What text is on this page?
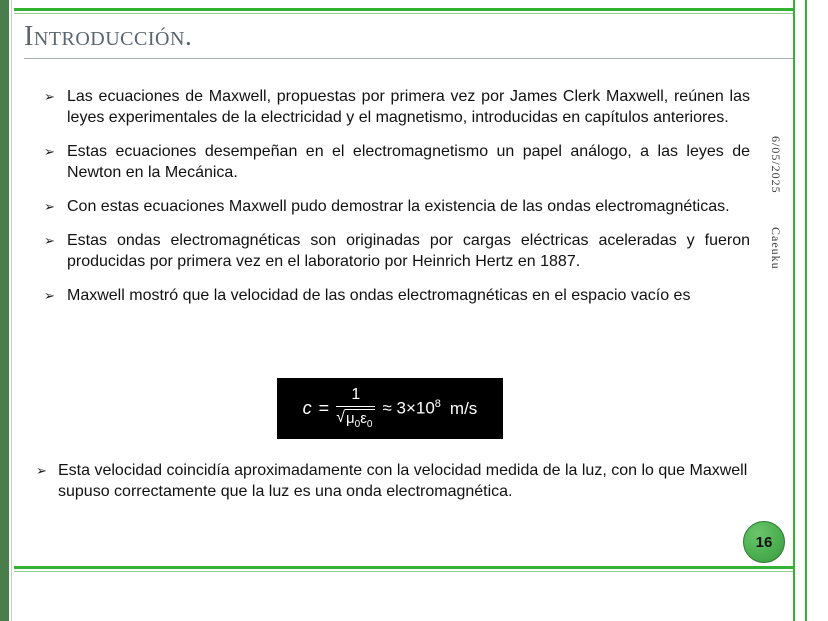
Introducción.
➢ Las ecuaciones de Maxwell, propuestas por primera vez por James Clerk Maxwell, reúnen las leyes experimentales de la electricidad y el magnetismo, introducidas en capítulos anteriores.
➢ Estas ecuaciones desempeñan en el electromagnetismo un papel análogo, a las leyes de Newton en la Mecánica.
➢ Con estas ecuaciones Maxwell pudo demostrar la existencia de las ondas electromagnéticas.
➢ Estas ondas electromagnéticas son originadas por cargas eléctricas aceleradas y fueron producidas por primera vez en el laboratorio por Heinrich Hertz en 1887.
➢ Maxwell mostró que la velocidad de las ondas electromagnéticas en el espacio vacío es
$c = \frac{1}{√ \mu_0\varepsilon_0} \approx 3\times 10^8$ m/s
➢ Esta velocidad coincidía aproximadamente con la velocidad medida de la luz, con lo que Maxwell supuso correctamente que la luz es una onda electromagnética.
6/05/2025
Caeuku
16
